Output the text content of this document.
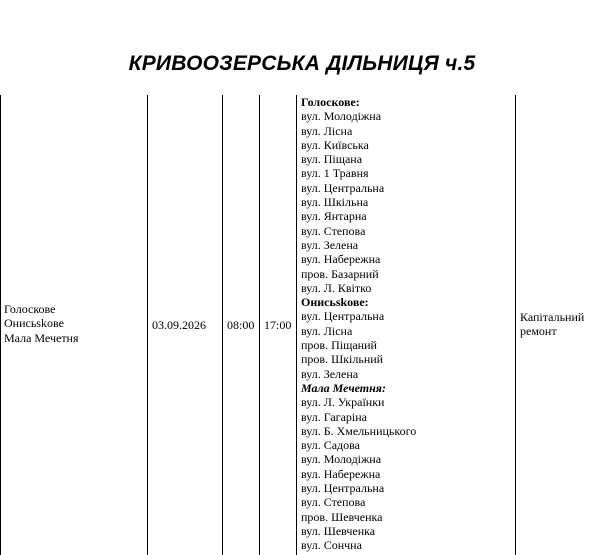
КРИВООЗЕРСЬКА ДІЛЬНИЦЯ ч.5
Голоскове
Онисьskове
Мала Мечетня
03.09.2026 08:00 17:00
Капітальний
ремонт
Голоскове:
вул. Молодіжна
вул. Лісна
вул. Київська
вул. Піщана
вул. 1 Травня
вул. Центральна
вул. Шкільна
вул. Янтарна
вул. Степова
вул. Зелена
вул. Набережна
пров. Базарний
вул. Л. Квітко
Онисьskове:
вул. Центральна
вул. Лісна
пров. Піщаний
пров. Шкільний
вул. Зелена
Мала Мечетня:
вул. Л. Українки
вул. Гагаріна
вул. Б. Хмельницького
вул. Садова
вул. Молодіжна
вул. Набережна
вул. Центральна
вул. Степова
пров. Шевченка
вул. Шевченка
вул. Сончна
